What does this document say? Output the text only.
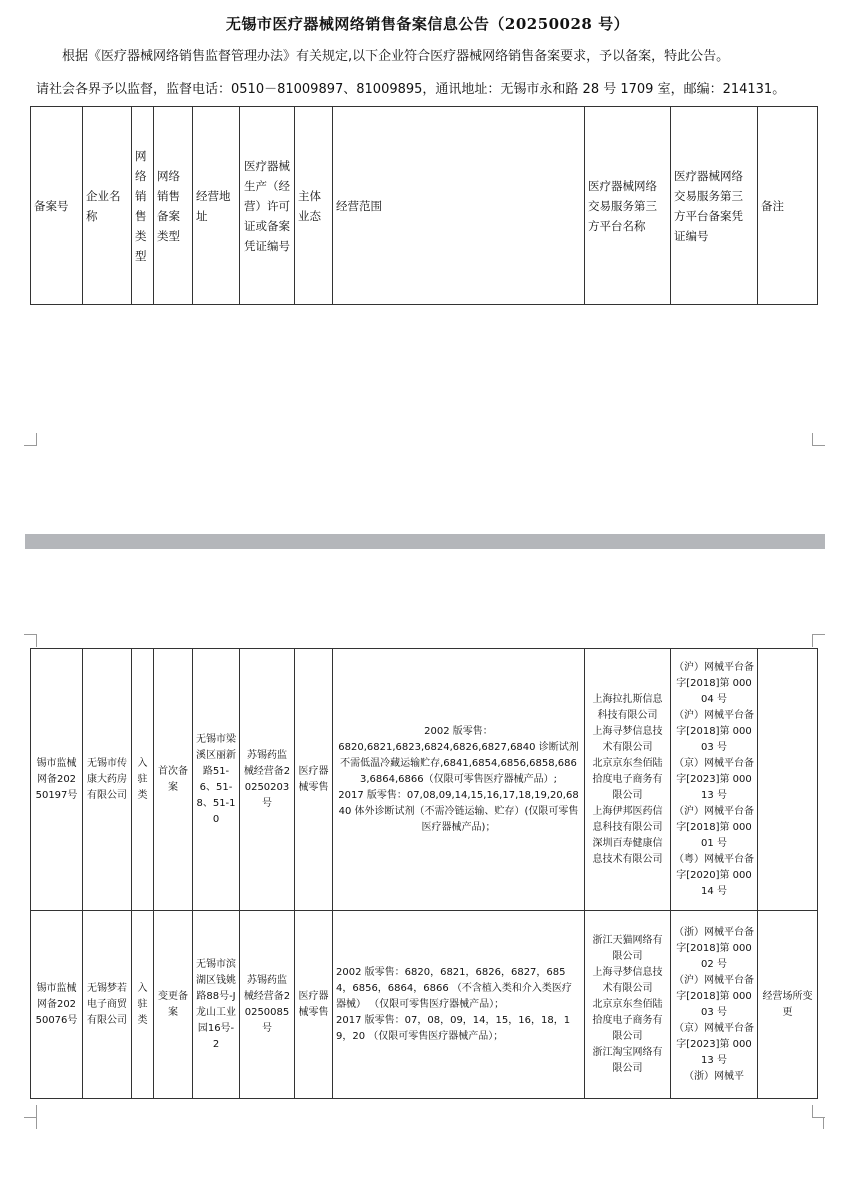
无锡市医疗器械网络销售备案信息公告（20250028 号）
根据《医疗器械网络销售监督管理办法》有关规定,以下企业符合医疗器械网络销售备案要求，予以备案，特此公告。
请社会各界予以监督，监督电话：0510－81009897、81009895，通讯地址：无锡市永和路 28 号 1709 室，邮编：214131。
备案号	企业名称	网络销售类型	网络销售备案类型	经营地址	医疗器械生产（经营）许可证或备案凭证编号	主体业态	经营范围	医疗器械网络交易服务第三方平台名称	医疗器械网络交易服务第三方平台备案凭证编号	备注
锡市监械网备20250197号	无锡市传康大药房有限公司	入驻类	首次备案	无锡市梁溪区丽新路51-6、51-8、51-10	苏锡药监械经营备20250203号	医疗器械零售	2002 版零售：
6820,6821,6823,6824,6826,6827,6840 诊断试剂不需低温冷藏运输贮存,6841,6854,6856,6858,6863,6864,6866（仅限可零售医疗器械产品）;
2017 版零售：07,08,09,14,15,16,17,18,19,20,6840 体外诊断试剂（不需冷链运输、贮存）(仅限可零售医疗器械产品)；	上海拉扎斯信息科技有限公司
上海寻梦信息技术有限公司
北京京东叁佰陆拾度电子商务有限公司
上海伊邦医药信息科技有限公司深圳百寿健康信息技术有限公司	（沪）网械平台备字[2018]第 00004 号
（沪）网械平台备字[2018]第 00003 号
（京）网械平台备字[2023]第 00013 号
（沪）网械平台备字[2018]第 00001 号
（粤）网械平台备字[2020]第 00014 号	
锡市监械网备20250076号	无锡梦若电子商贸有限公司	入驻类	变更备案	无锡市滨湖区钱姚路88号-J龙山工业园16号-2	苏锡药监械经营备20250085号	医疗器械零售	2002 版零售：6820，6821，6826，6827，6854，6856，6864，6866 （不含植入类和介入类医疗器械） （仅限可零售医疗器械产品）；
2017 版零售：07，08，09，14，15，16，18，19，20 （仅限可零售医疗器械产品）；	浙江天猫网络有限公司
上海寻梦信息技术有限公司
北京京东叁佰陆拾度电子商务有限公司
浙江淘宝网络有限公司	（浙）网械平台备字[2018]第 00002 号
（沪）网械平台备字[2018]第 00003 号
（京）网械平台备字[2023]第 00013 号
（浙）网械平	经营场所变更
